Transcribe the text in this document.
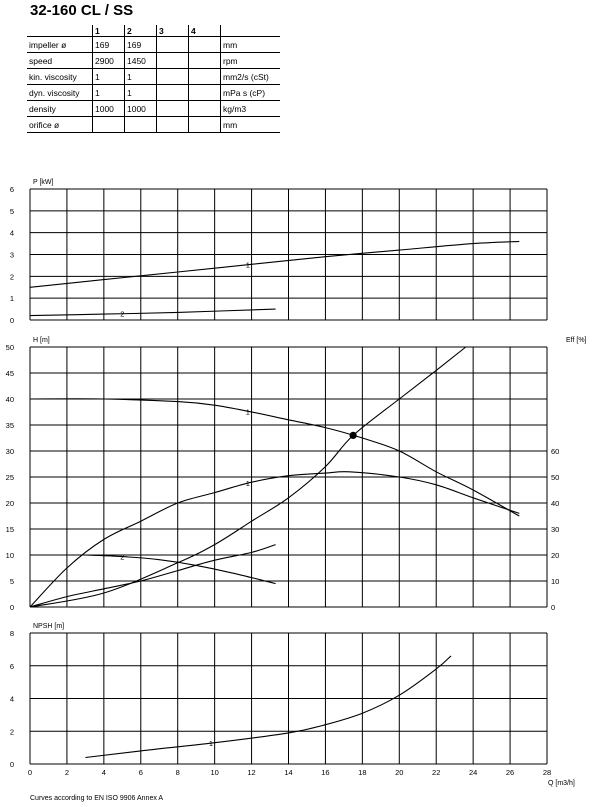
32-160 CL / SS
	1	2	3	4	
impeller ø	169	169			mm
speed	2900	1450			rpm
kin. viscosity	1	1			mm2/s (cSt)
dyn. viscosity	1	1			mPa s (cP)
density	1000	1000			kg/m3
orifice ø					mm
0
1
2
3
4
5
6
P [kW]
1
2
0
5
10
15
20
25
30
35
40
45
50
H [m]	Eff [%]
0
10
20
30
40
50
60
1
1
2
0
2
4
6
8
NPSH [m]
1
0	2	4	6	8	10	12	14	16	18	20	22	24	26	28
Q [m3/h]
Curves according to EN ISO 9906 Annex A
